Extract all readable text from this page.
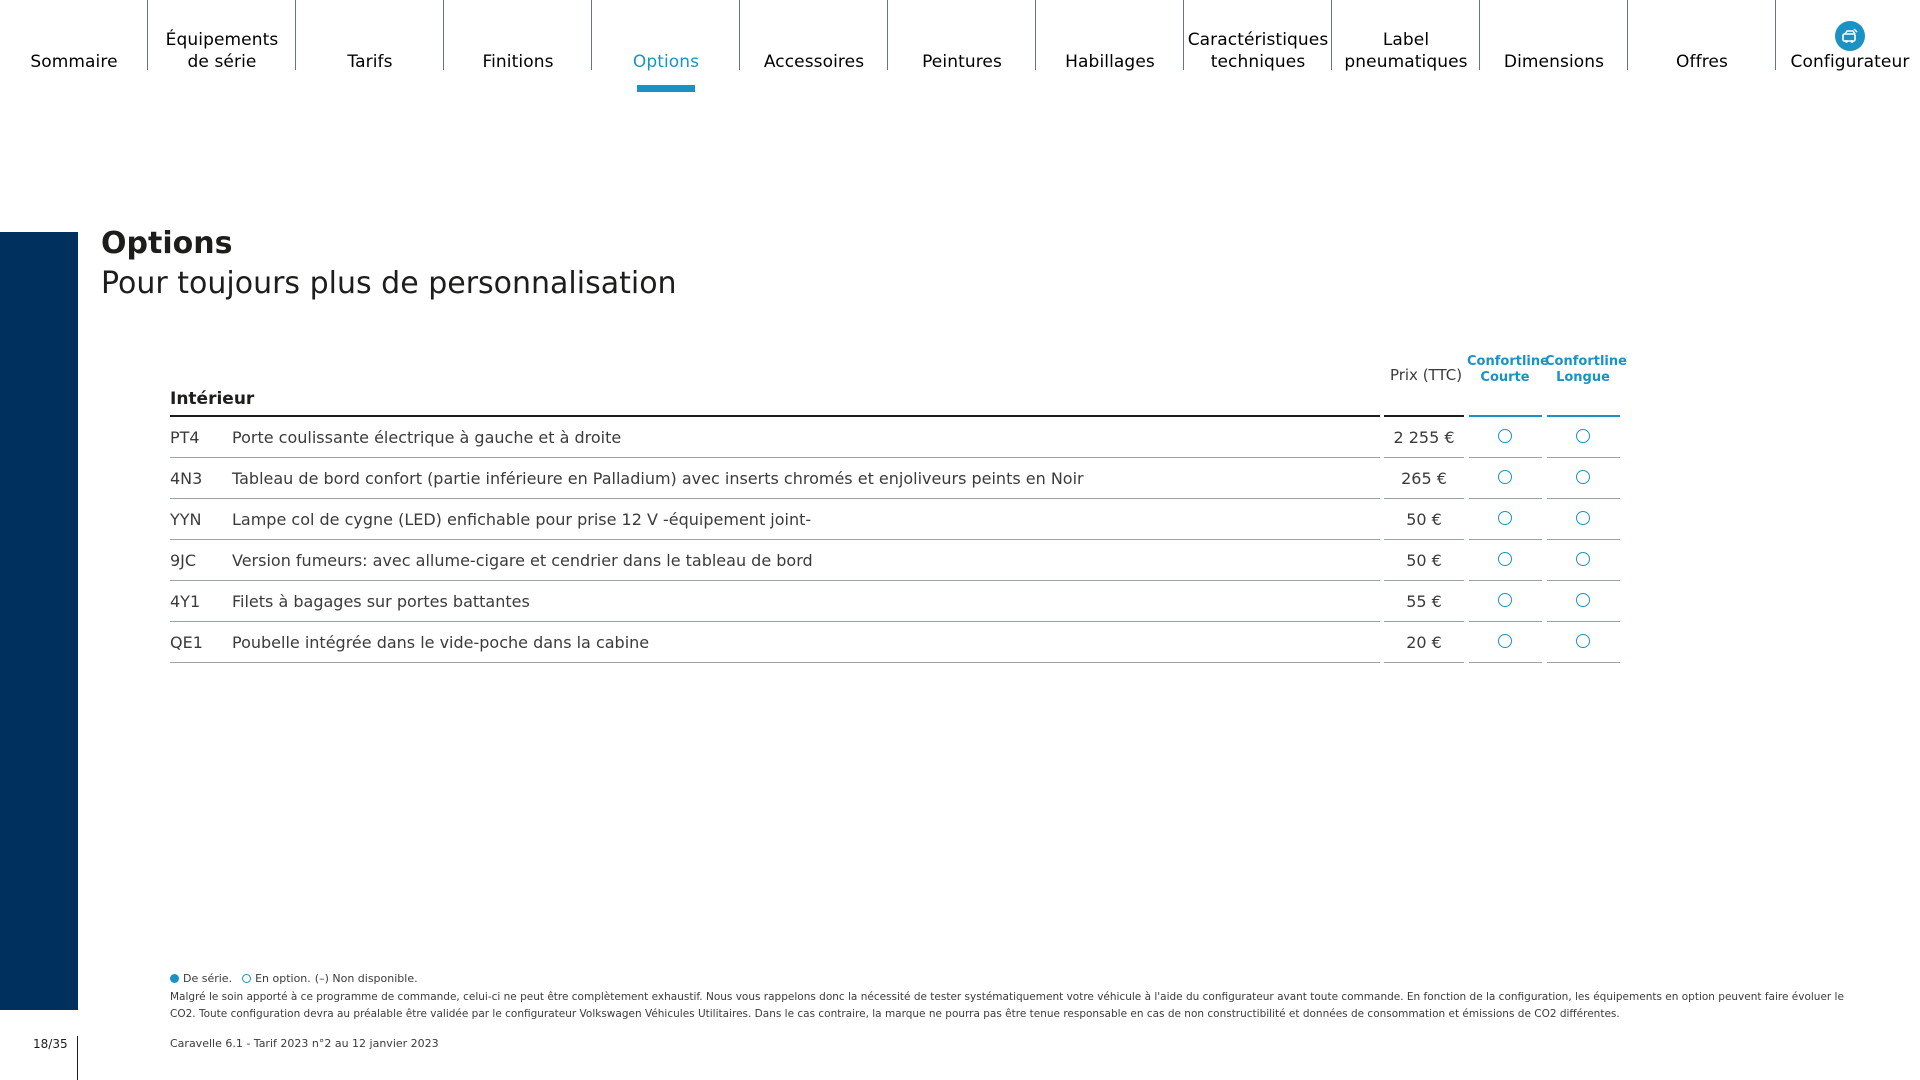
Sommaire
Équipements
de série	Tarifs	Finitions	Options	Accessoires	Peintures	Habillages
Caractéristiques
techniques
Label
pneumatiques	Dimensions	Offres	Configurateur
Options
Pour toujours plus de personnalisation
Prix (TTC)
Confortline
Courte
Confortline
Longue
Intérieur
PT4 Porte coulissante électrique à gauche et à droite	2 255 €
4N3 Tableau de bord confort (partie inférieure en Palladium) avec inserts chromés et enjoliveurs peints en Noir	265 €
YYN Lampe col de cygne (LED) enfichable pour prise 12 V -équipement joint-	50 €
9JC Version fumeurs: avec allume-cigare et cendrier dans le tableau de bord	50 €
4Y1 Filets à bagages sur portes battantes	55 €
QE1 Poubelle intégrée dans le vide-poche dans la cabine	20 €
De série. En option. (–) Non disponible.
Malgré le soin apporté à ce programme de commande, celui-ci ne peut être complètement exhaustif. Nous vous rappelons donc la nécessité de tester systématiquement votre véhicule à l'aide du configurateur avant toute commande. En fonction de la configuration, les équipements en option peuvent faire évoluer le CO2. Toute configuration devra au préalable être validée par le configurateur Volkswagen Véhicules Utilitaires. Dans le cas contraire, la marque ne pourra pas être tenue responsable en cas de non constructibilité et données de consommation et émissions de CO2 différentes.
18/35	Caravelle 6.1 - Tarif 2023 n°2 au 12 janvier 2023
